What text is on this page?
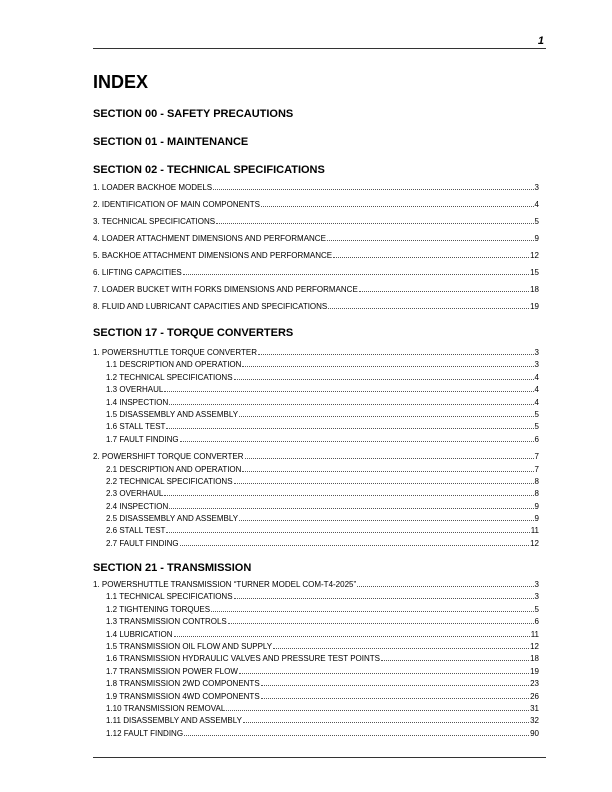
1
INDEX
SECTION 00 - SAFETY PRECAUTIONS
SECTION 01 - MAINTENANCE
SECTION 02 - TECHNICAL SPECIFICATIONS
1. LOADER BACKHOE MODELS	3
2. IDENTIFICATION OF MAIN COMPONENTS	4
3. TECHNICAL SPECIFICATIONS	5
4. LOADER ATTACHMENT DIMENSIONS AND PERFORMANCE	9
5. BACKHOE ATTACHMENT DIMENSIONS AND PERFORMANCE	12
6. LIFTING CAPACITIES	15
7. LOADER BUCKET WITH FORKS DIMENSIONS AND PERFORMANCE	18
8. FLUID AND LUBRICANT CAPACITIES AND SPECIFICATIONS	19
SECTION 17 - TORQUE CONVERTERS
1. POWERSHUTTLE TORQUE CONVERTER	3
1.1 DESCRIPTION AND OPERATION	3
1.2 TECHNICAL SPECIFICATIONS	4
1.3 OVERHAUL	4
1.4 INSPECTION	4
1.5 DISASSEMBLY AND ASSEMBLY	5
1.6 STALL TEST	5
1.7 FAULT FINDING	6
2. POWERSHIFT TORQUE CONVERTER	7
2.1 DESCRIPTION AND OPERATION	7
2.2 TECHNICAL SPECIFICATIONS	8
2.3 OVERHAUL	8
2.4 INSPECTION	9
2.5 DISASSEMBLY AND ASSEMBLY	9
2.6 STALL TEST	11
2.7 FAULT FINDING	12
SECTION 21 - TRANSMISSION
1. POWERSHUTTLE TRANSMISSION “TURNER MODEL COM-T4-2025”	3
1.1 TECHNICAL SPECIFICATIONS	3
1.2 TIGHTENING TORQUES	5
1.3 TRANSMISSION CONTROLS	6
1.4 LUBRICATION	11
1.5 TRANSMISSION OIL FLOW AND SUPPLY	12
1.6 TRANSMISSION HYDRAULIC VALVES AND PRESSURE TEST POINTS	18
1.7 TRANSMISSION POWER FLOW	19
1.8 TRANSMISSION 2WD COMPONENTS	23
1.9 TRANSMISSION 4WD COMPONENTS	26
1.10 TRANSMISSION REMOVAL	31
1.11 DISASSEMBLY AND ASSEMBLY	32
1.12 FAULT FINDING	90
